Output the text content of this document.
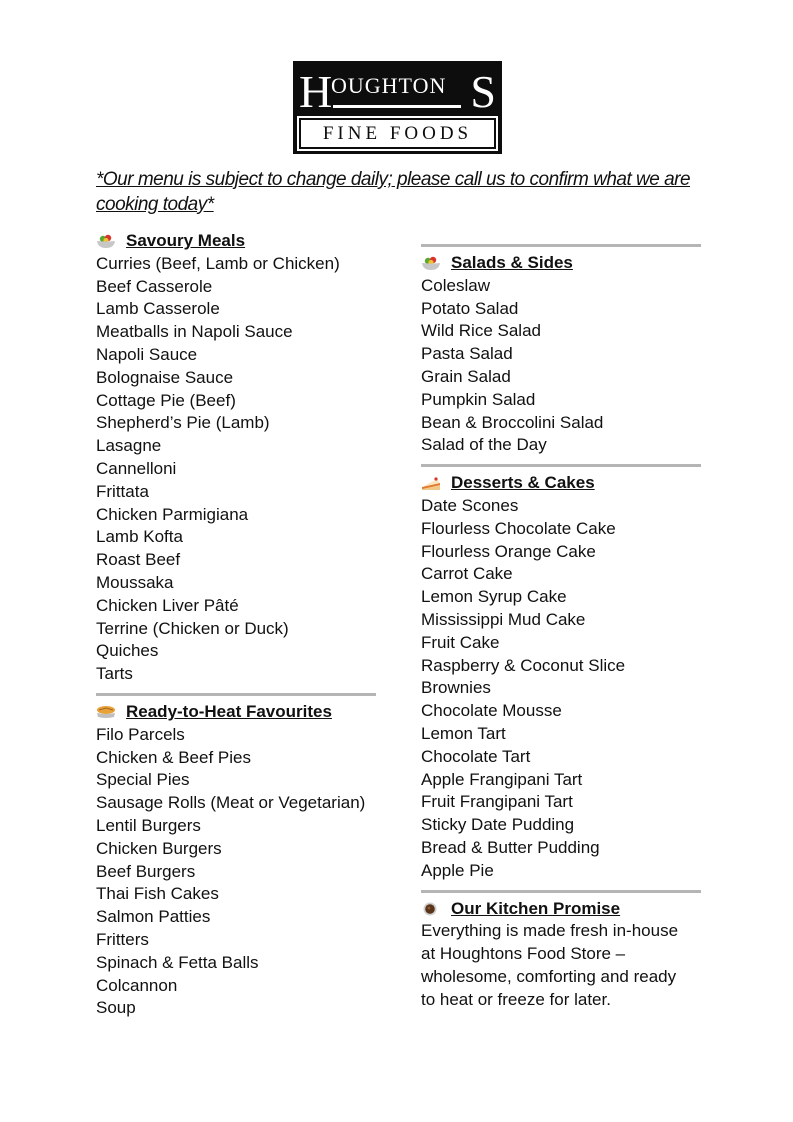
H
OUGHTON S
FINE FOODS
*Our menu is subject to change daily; please call us to confirm what we are cooking today*
Savoury Meals
Curries (Beef, Lamb or Chicken)
Beef Casserole
Lamb Casserole
Meatballs in Napoli Sauce
Napoli Sauce
Bolognaise Sauce
Cottage Pie (Beef)
Shepherd’s Pie (Lamb)
Lasagne
Cannelloni
Frittata
Chicken Parmigiana
Lamb Kofta
Roast Beef
Moussaka
Chicken Liver Pâté
Terrine (Chicken or Duck)
Quiches
Tarts
Ready-to-Heat Favourites
Filo Parcels
Chicken & Beef Pies
Special Pies
Sausage Rolls (Meat or Vegetarian)
Lentil Burgers
Chicken Burgers
Beef Burgers
Thai Fish Cakes
Salmon Patties
Fritters
Spinach & Fetta Balls
Colcannon
Soup
Salads & Sides
Coleslaw
Potato Salad
Wild Rice Salad
Pasta Salad
Grain Salad
Pumpkin Salad
Bean & Broccolini Salad
Salad of the Day
Desserts & Cakes
Date Scones
Flourless Chocolate Cake
Flourless Orange Cake
Carrot Cake
Lemon Syrup Cake
Mississippi Mud Cake
Fruit Cake
Raspberry & Coconut Slice
Brownies
Chocolate Mousse
Lemon Tart
Chocolate Tart
Apple Frangipani Tart
Fruit Frangipani Tart
Sticky Date Pudding
Bread & Butter Pudding
Apple Pie
Our Kitchen Promise
Everything is made fresh in-house
at Houghtons Food Store –
wholesome, comforting and ready
to heat or freeze for later.
